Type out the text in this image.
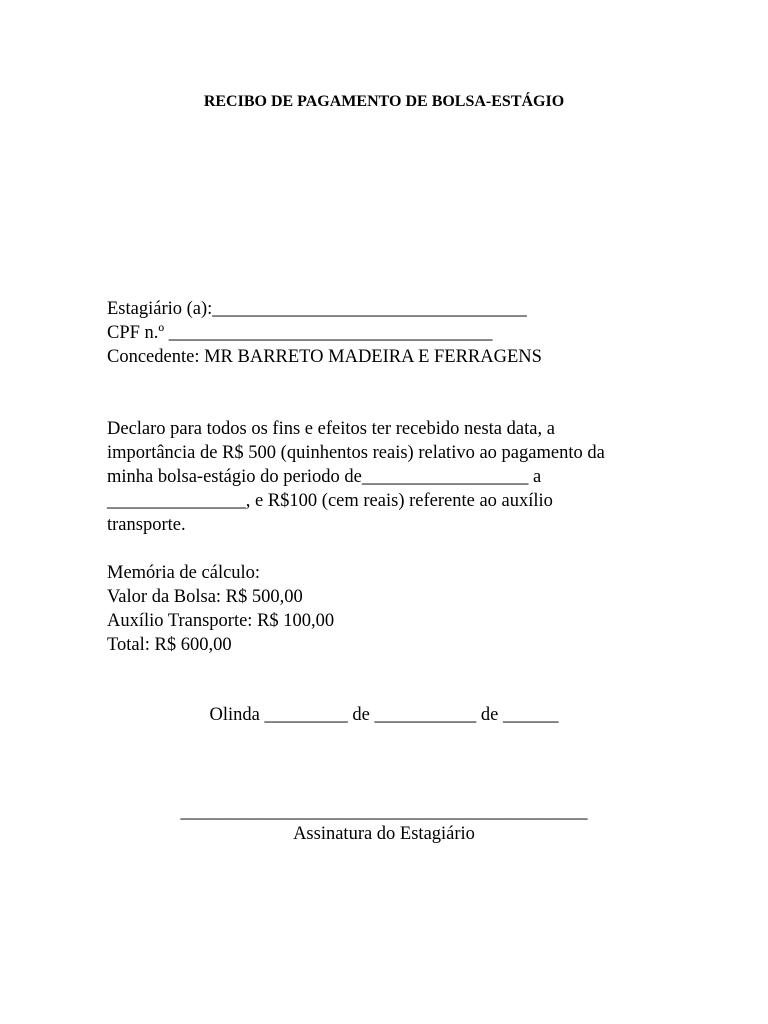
RECIBO DE PAGAMENTO DE BOLSA-ESTÁGIO
Estagiário (a):__________________________________
CPF n.º ___________________________________
Concedente: MR BARRETO MADEIRA E FERRAGENS
Declaro para todos os fins e efeitos ter recebido nesta data, a
importância de R$ 500 (quinhentos reais) relativo ao pagamento da
minha bolsa-estágio do periodo de__________________ a
_______________, e R$100 (cem reais) referente ao auxílio
transporte.
Memória de cálculo:
Valor da Bolsa: R$ 500,00
Auxílio Transporte: R$ 100,00
Total: R$ 600,00

Olinda _________ de ___________ de ______

____________________________________________

Assinatura do Estagiário
